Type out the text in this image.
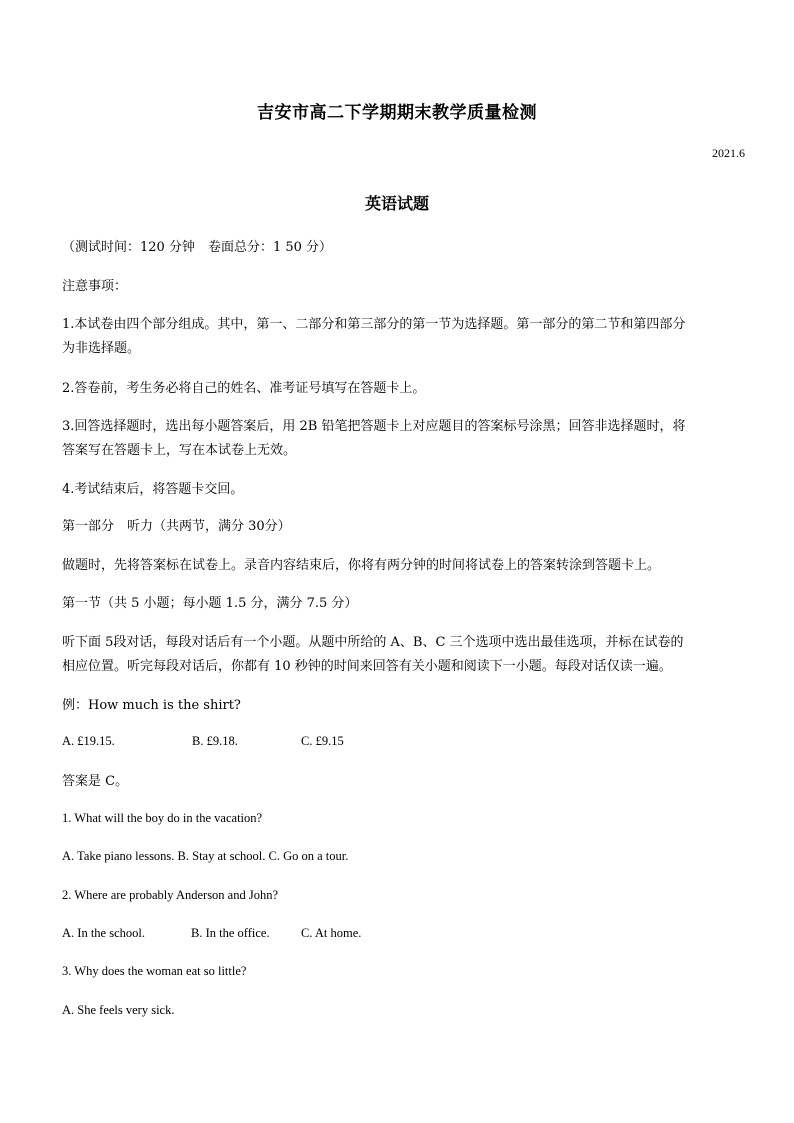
吉安市高二下学期期末教学质量检测
2021.6
英语试题
（测试时间：120 分钟　卷面总分：1 50 分）
注意事项：
1.本试卷由四个部分组成。其中，第一、二部分和第三部分的第一节为选择题。第一部分的第二节和第四部分
为非选择题。
2.答卷前，考生务必将自己的姓名、准考证号填写在答题卡上。
3.回答选择题时，选出每小题答案后，用 2B 铅笔把答题卡上对应题目的答案标号涂黑；回答非选择题时，将
答案写在答题卡上，写在本试卷上无效。
4.考试结束后，将答题卡交回。
第一部分　听力（共两节，满分 30分）
做题时，先将答案标在试卷上。录音内容结束后，你将有两分钟的时间将试卷上的答案转涂到答题卡上。
第一节（共 5 小题；每小题 1.5 分，满分 7.5 分）
听下面 5段对话，每段对话后有一个小题。从题中所给的 A、B、C 三个选项中选出最佳选项，并标在试卷的
相应位置。听完每段对话后，你都有 10 秒钟的时间来回答有关小题和阅读下一小题。每段对话仅读一遍。
例：How much is the shirt?
A. £19.15.	B. £9.18.	C. £9.15
答案是 C。
1. What will the boy do in the vacation?
A. Take piano lessons. B. Stay at school. C. Go on a tour.
2. Where are probably Anderson and John?
A. In the school.	B. In the office.	C. At home.
3. Why does the woman eat so little?
A. She feels very sick.
